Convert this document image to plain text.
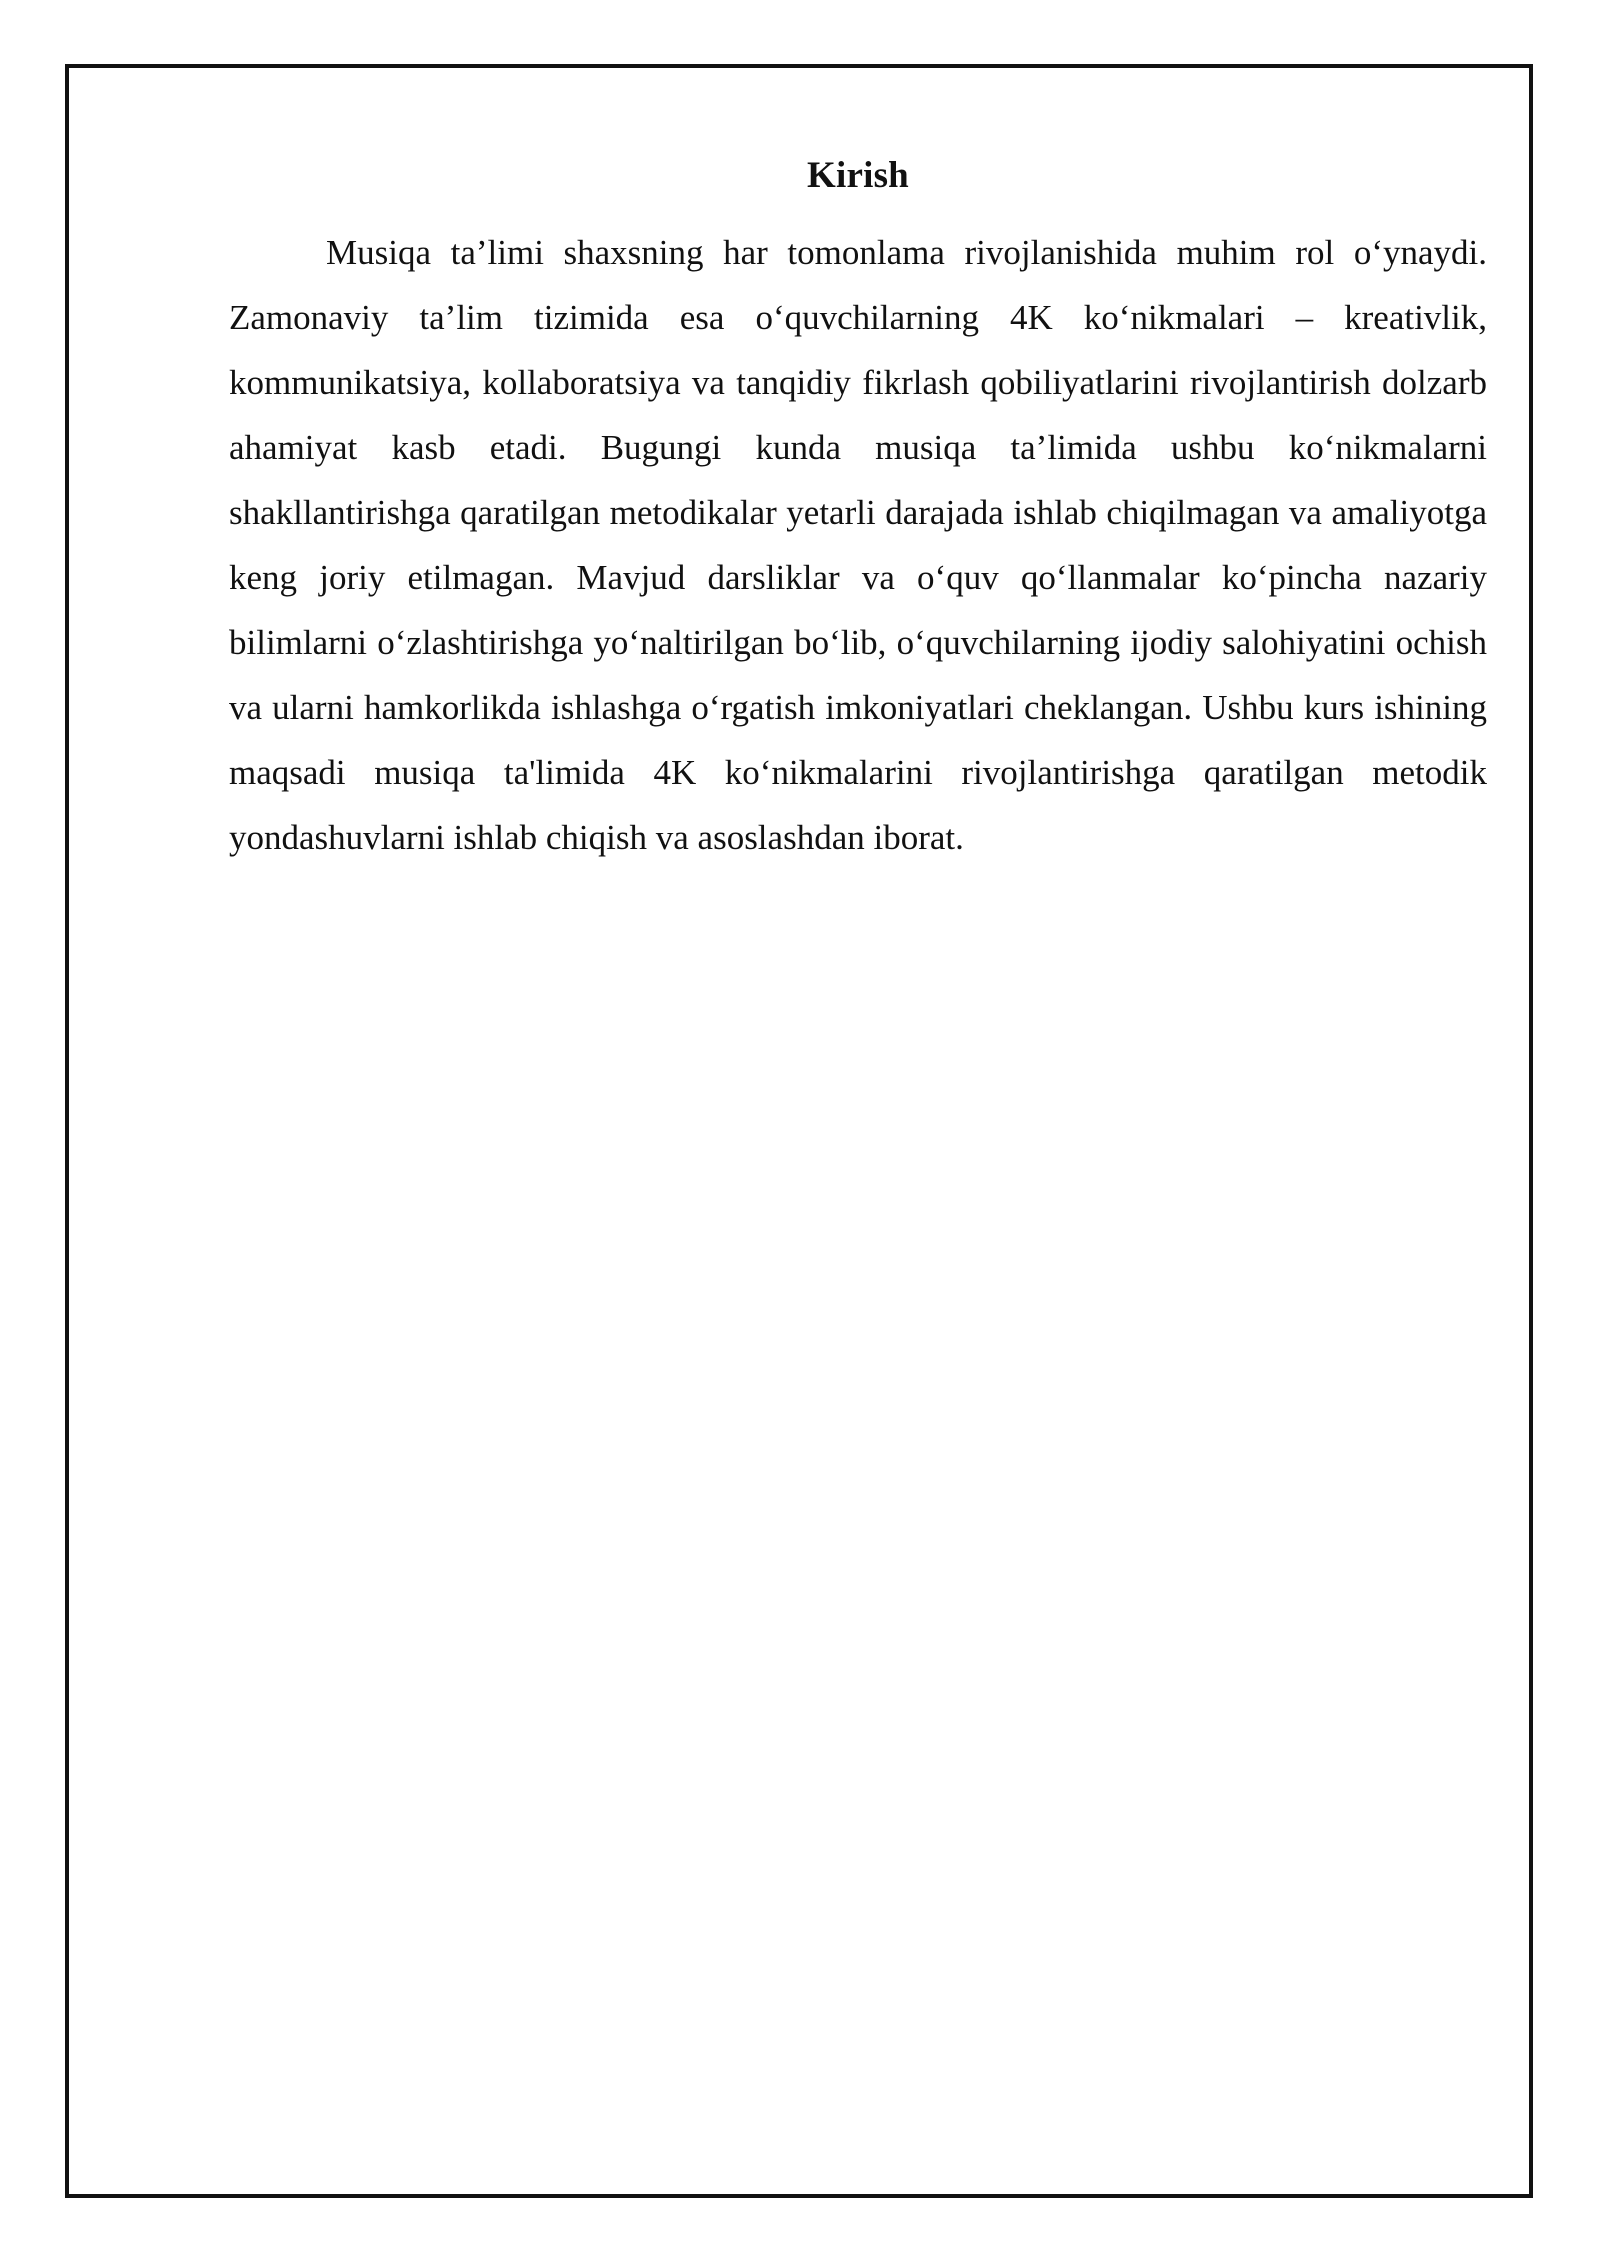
Kirish

Musiqa ta’limi shaxsning har tomonlama rivojlanishida muhim rol o‘ynaydi. Zamonaviy ta’lim tizimida esa o‘quvchilarning 4K ko‘nikmalari – kreativlik, kommunikatsiya, kollaboratsiya va tanqidiy fikrlash qobiliyatlarini rivojlantirish dolzarb ahamiyat kasb etadi. Bugungi kunda musiqa ta’limida ushbu ko‘nikmalarni shakllantirishga qaratilgan metodikalar yetarli darajada ishlab chiqilmagan va amaliyotga keng joriy etilmagan. Mavjud darsliklar va o‘quv qo‘llanmalar ko‘pincha nazariy bilimlarni o‘zlashtirishga yo‘naltirilgan bo‘lib, o‘quvchilarning ijodiy salohiyatini ochish va ularni hamkorlikda ishlashga o‘rgatish imkoniyatlari cheklangan. Ushbu kurs ishining maqsadi musiqa ta'limida 4K ko‘nikmalarini rivojlantirishga qaratilgan metodik yondashuvlarni ishlab chiqish va asoslashdan iborat.
